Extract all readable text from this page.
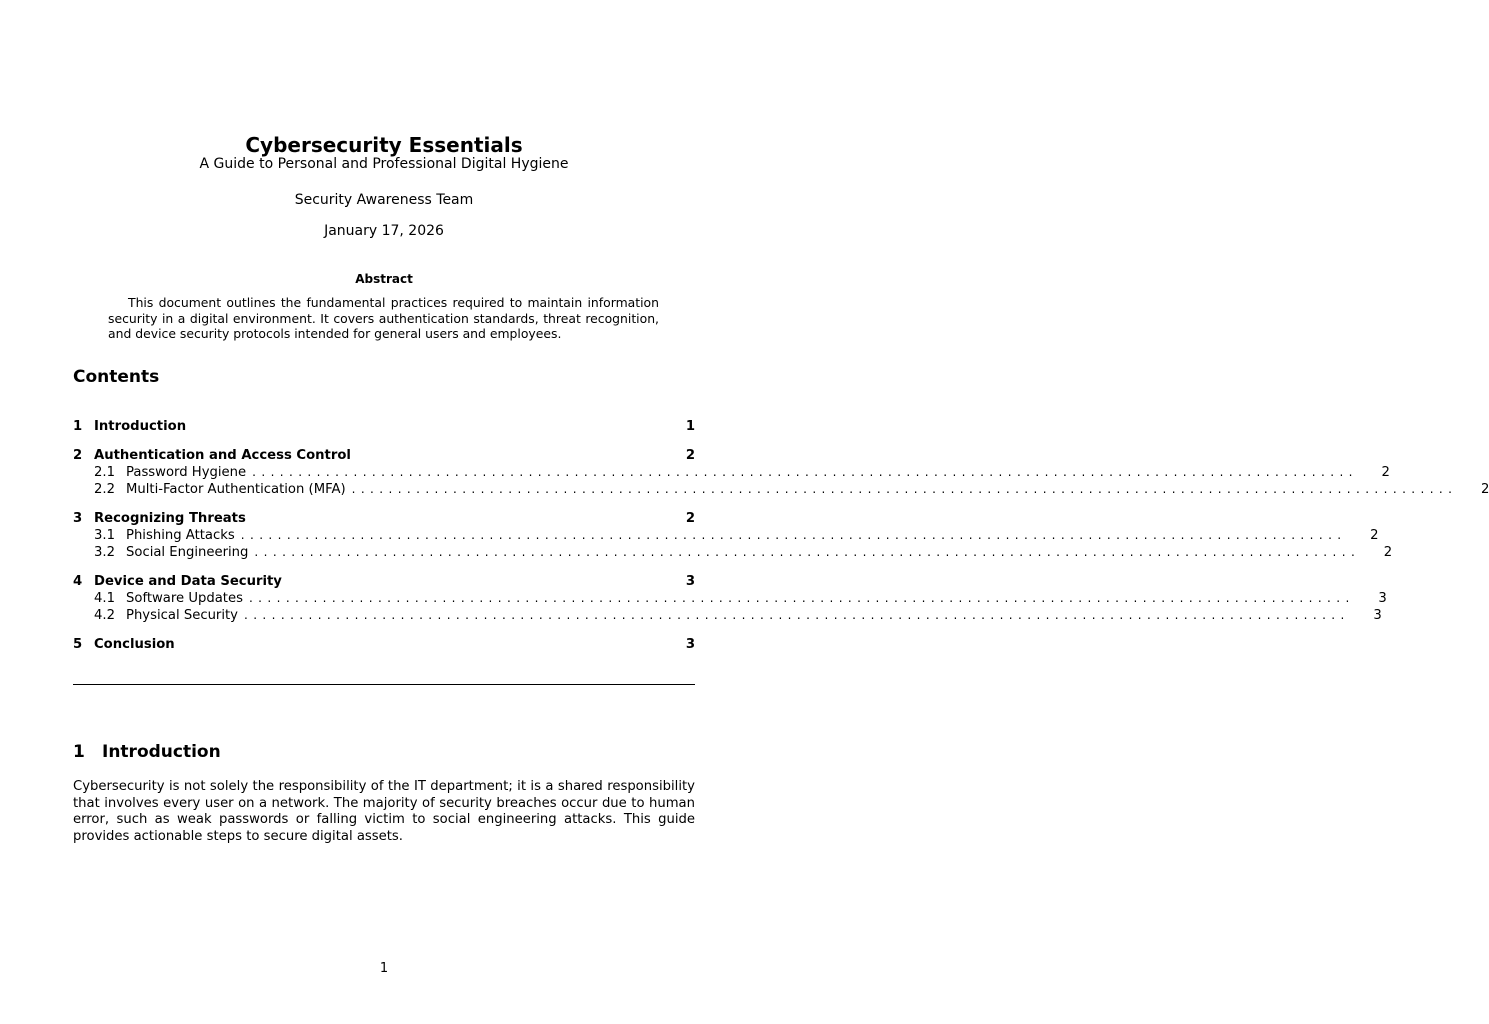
Cybersecurity Essentials
A Guide to Personal and Professional Digital Hygiene
Security Awareness Team
January 17, 2026
Abstract
This document outlines the fundamental practices required to maintain information security in a digital environment. It covers authentication standards, threat recognition, and device security protocols intended for general users and employees.
Contents
1 Introduction	1
2 Authentication and Access Control	2
2.1 Password Hygiene ........................................................................................................................	2
2.2 Multi-Factor Authentication (MFA) ........................................................................................................................	2
3 Recognizing Threats	2
3.1 Phishing Attacks ........................................................................................................................	2
3.2 Social Engineering ........................................................................................................................	2
4 Device and Data Security	3
4.1 Software Updates ........................................................................................................................	3
4.2 Physical Security ........................................................................................................................	3
5 Conclusion	3
1	Introduction
Cybersecurity is not solely the responsibility of the IT department; it is a shared responsibility that involves every user on a network. The majority of security breaches occur due to human error, such as weak passwords or falling victim to social engineering attacks. This guide provides actionable steps to secure digital assets.
1
